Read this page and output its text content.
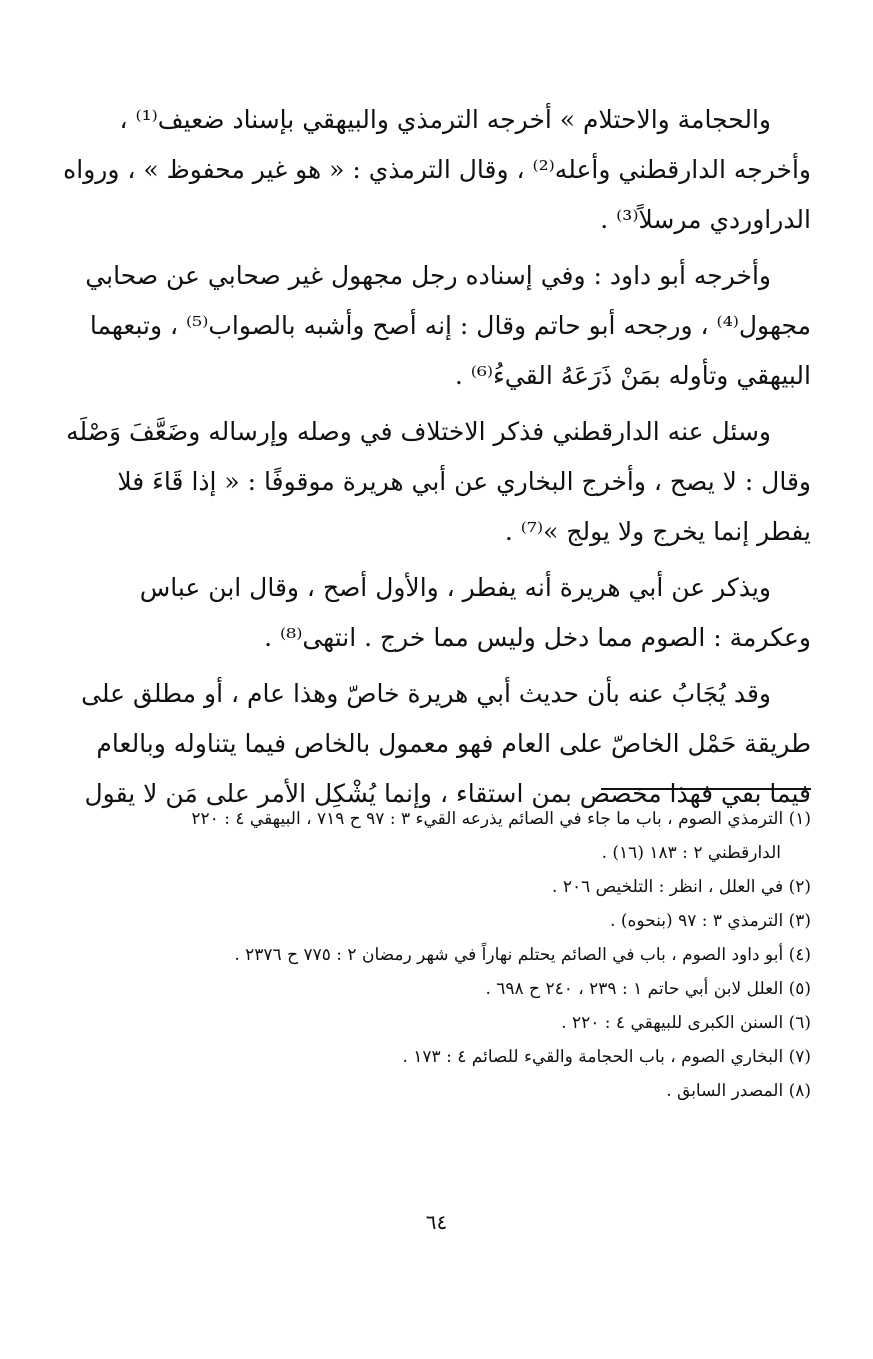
والحجامة والاحتلام » أخرجه الترمذي والبيهقي بإسناد ضعيف⁽¹⁾ ،
وأخرجه الدارقطني وأعله⁽²⁾ ، وقال الترمذي : « هو غير محفوظ » ، ورواه
الدراوردي مرسلاً⁽³⁾ .

وأخرجه أبو داود : وفي إسناده رجل مجهول غير صحابي عن صحابي
مجهول⁽⁴⁾ ، ورجحه أبو حاتم وقال : إنه أصح وأشبه بالصواب⁽⁵⁾ ، وتبعهما
البيهقي وتأوله بمَنْ ذَرَعَهُ القيءُ⁽⁶⁾ .

وسئل عنه الدارقطني فذكر الاختلاف في وصله وإرساله وضَعَّفَ وَصْلَه
وقال : لا يصح ، وأخرج البخاري عن أبي هريرة موقوفًا : « إذا قَاءَ فلا
يفطر إنما يخرج ولا يولج »⁽⁷⁾ .

ويذكر عن أبي هريرة أنه يفطر ، والأول أصح ، وقال ابن عباس
وعكرمة : الصوم مما دخل وليس مما خرج . انتهى⁽⁸⁾ .

وقد يُجَابُ عنه بأن حديث أبي هريرة خاصّ وهذا عام ، أو مطلق على
طريقة حَمْل الخاصّ على العام فهو معمول بالخاص فيما يتناوله وبالعام
فيما بقي فهذا مخصص بمن استقاء ، وإنما يُشْكِل الأمر على مَن لا يقول

(١) الترمذي الصوم ، باب ما جاء في الصائم يذرعه القيء ٣ : ٩٧ ح ٧١٩ ، البيهقي ٤ : ٢٢٠
الدارقطني ٢ : ١٨٣ (١٦) .
(٢) في العلل ، انظر : التلخيص ٢٠٦ .
(٣) الترمذي ٣ : ٩٧ (بنحوه) .
(٤) أبو داود الصوم ، باب في الصائم يحتلم نهاراً في شهر رمضان ٢ : ٧٧٥ ح ٢٣٧٦ .
(٥) العلل لابن أبي حاتم ١ : ٢٣٩ ، ٢٤٠ ح ٦٩٨ .
(٦) السنن الكبرى للبيهقي ٤ : ٢٢٠ .
(٧) البخاري الصوم ، باب الحجامة والقيء للصائم ٤ : ١٧٣ .
(٨) المصدر السابق .
٦٤
